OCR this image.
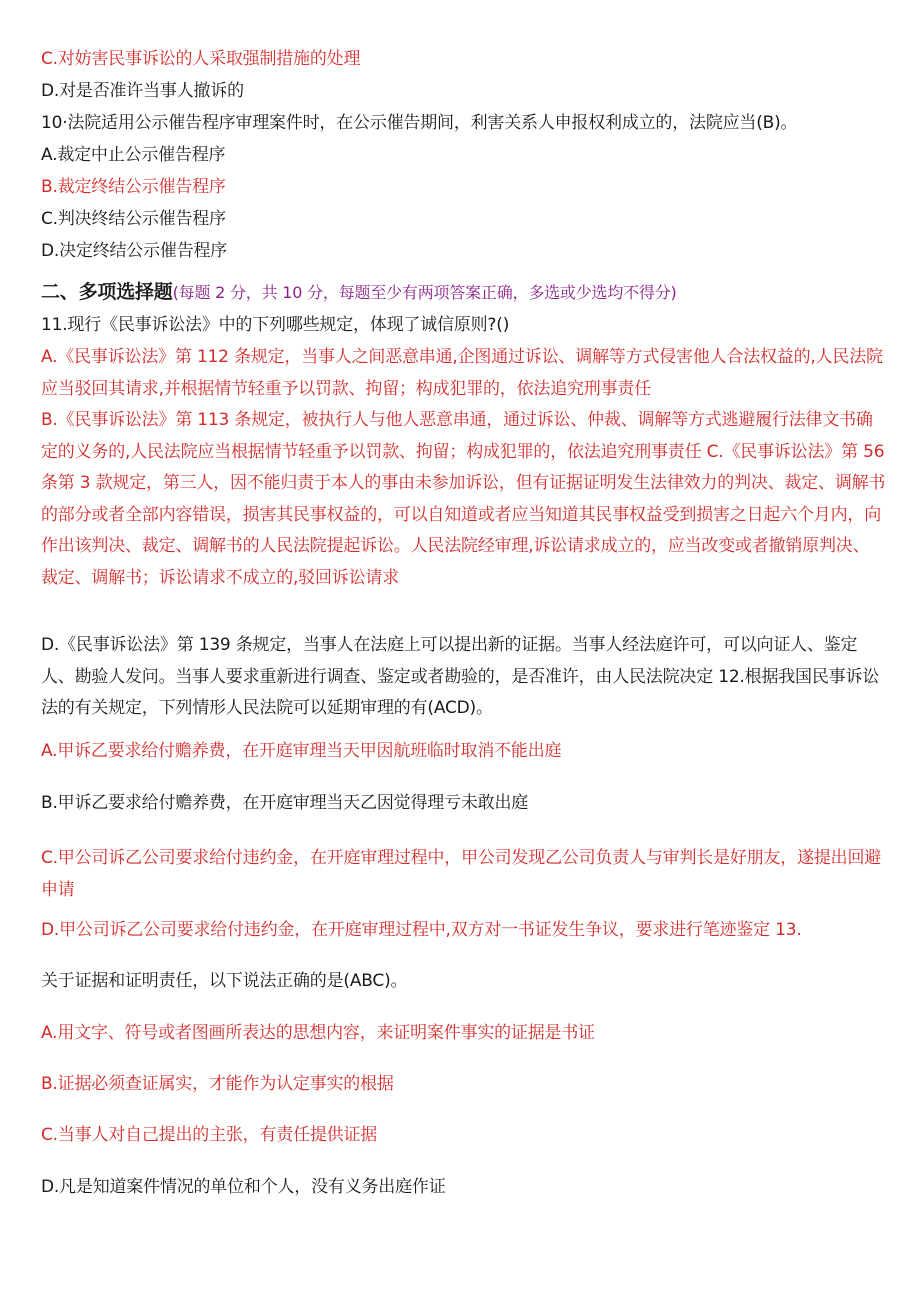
C.对妨害民事诉讼的人采取强制措施的处理
D.对是否准许当事人撤诉的
10·法院适用公示催告程序审理案件时，在公示催告期间，利害关系人申报权利成立的，法院应当(B)。
A.裁定中止公示催告程序
B.裁定终结公示催告程序
C.判决终结公示催告程序
D.决定终结公示催告程序
二、多项选择题(每题 2 分，共 10 分，每题至少有两项答案正确，多选或少选均不得分)
11.现行《民事诉讼法》中的下列哪些规定，体现了诚信原则?()
A.《民事诉讼法》第 112 条规定，当事人之间恶意串通,企图通过诉讼、调解等方式侵害他人合法权益的,人民法院应当驳回其请求,并根据情节轻重予以罚款、拘留；构成犯罪的，依法追究刑事责任
B.《民事诉讼法》第 113 条规定，被执行人与他人恶意串通，通过诉讼、仲裁、调解等方式逃避履行法律文书确定的义务的,人民法院应当根据情节轻重予以罚款、拘留；构成犯罪的，依法追究刑事责任 C.《民事诉讼法》第 56 条第 3 款规定，第三人，因不能归责于本人的事由未参加诉讼，但有证据证明发生法律效力的判决、裁定、调解书的部分或者全部内容错误，损害其民事权益的，可以自知道或者应当知道其民事权益受到损害之日起六个月内，向作出该判决、裁定、调解书的人民法院提起诉讼。人民法院经审理,诉讼请求成立的，应当改变或者撤销原判决、裁定、调解书；诉讼请求不成立的,驳回诉讼请求
D.《民事诉讼法》第 139 条规定，当事人在法庭上可以提出新的证据。当事人经法庭许可，可以向证人、鉴定人、勘验人发问。当事人要求重新进行调查、鉴定或者勘验的，是否准许，由人民法院决定 12.根据我国民事诉讼法的有关规定，下列情形人民法院可以延期审理的有(ACD)。
A.甲诉乙要求给付赡养费，在开庭审理当天甲因航班临时取消不能出庭
B.甲诉乙要求给付赡养费，在开庭审理当天乙因觉得理亏未敢出庭
C.甲公司诉乙公司要求给付违约金，在开庭审理过程中，甲公司发现乙公司负责人与审判长是好朋友，遂提出回避申请
D.甲公司诉乙公司要求给付违约金，在开庭审理过程中,双方对一书证发生争议，要求进行笔迹鉴定 13.
关于证据和证明责任，以下说法正确的是(ABC)。
A.用文字、符号或者图画所表达的思想内容，来证明案件事实的证据是书证
B.证据必须查证属实，才能作为认定事实的根据
C.当事人对自己提出的主张，有责任提供证据
D.凡是知道案件情况的单位和个人，没有义务出庭作证
